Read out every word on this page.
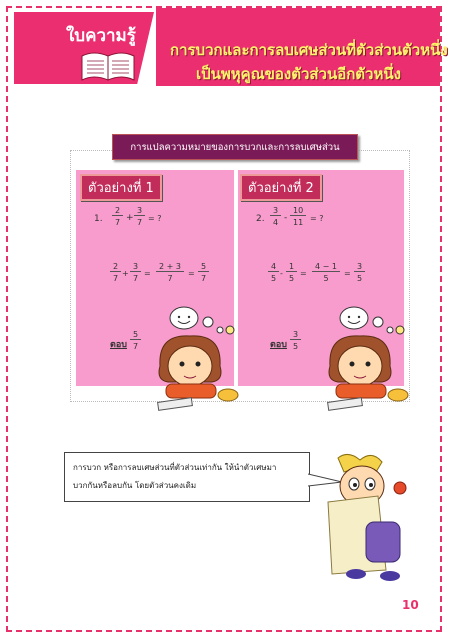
ใบความรู้
การบวกและการลบเศษส่วนที่ตัวส่วนตัวหนึ่ง
เป็นพหุคูณของตัวส่วนอีกตัวหนึ่ง
การแปลความหมายของการบวกและการลบเศษส่วน
ตัวอย่างที่ 1	ตัวอย่างที่ 2
1. $\frac{2}{7} + \frac{3}{7}$ = ?
$\frac{2}{7} + \frac{3}{7} = \frac{2 + 3}{7} = \frac{5}{7}$
ตอบ $\frac{5}{7}$
2. $\frac{3}{4} - \frac{10}{11}$ = ?
$\frac{4}{5} - \frac{1}{5} = \frac{4 - 1}{5} = \frac{3}{5}$
ตอบ $\frac{3}{5}$
การบวก หรือการลบเศษส่วนที่ตัวส่วนเท่ากัน ให้นำตัวเศษมา
บวกกันหรือลบกัน โดยตัวส่วนคงเดิม
10
